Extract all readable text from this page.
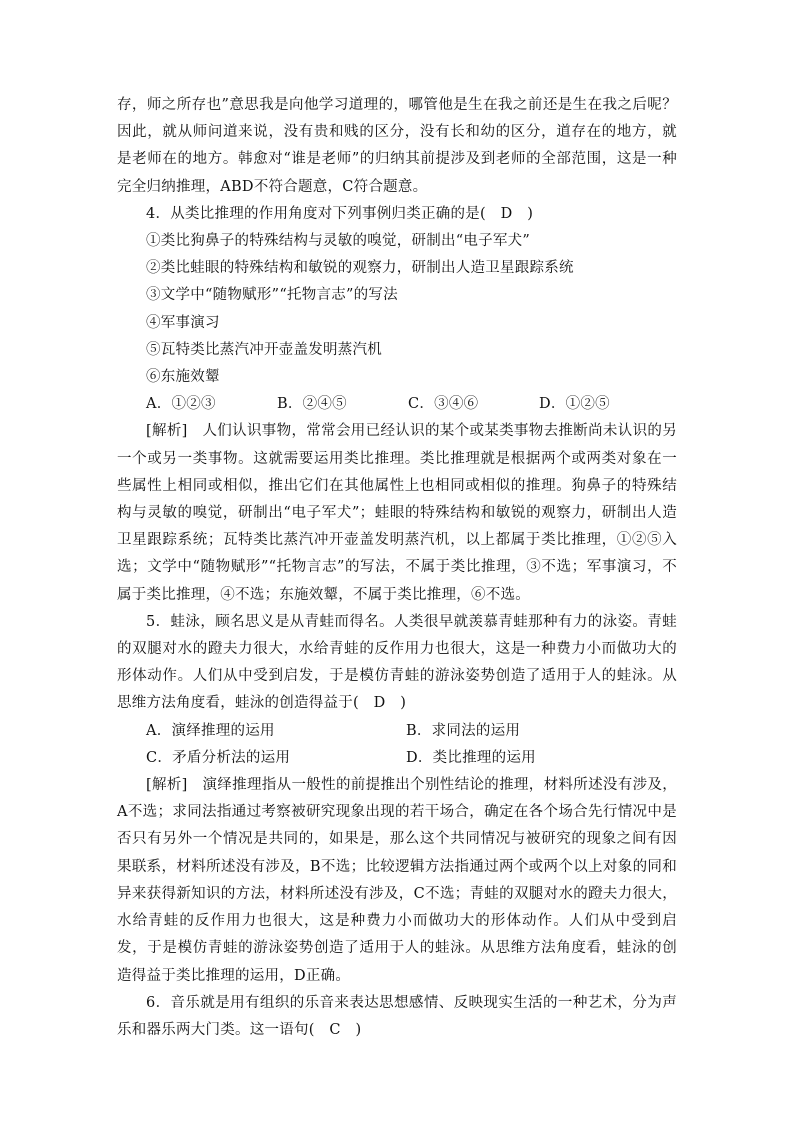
存，师之所存也”意思我是向他学习道理的，哪管他是生在我之前还是生在我之后呢？因此，就从师问道来说，没有贵和贱的区分，没有长和幼的区分，道存在的地方，就是老师在的地方。韩愈对“谁是老师”的归纳其前提涉及到老师的全部范围，这是一种完全归纳推理，ABD不符合题意，C符合题意。

4．从类比推理的作用角度对下列事例归类正确的是(　D　)

①类比狗鼻子的特殊结构与灵敏的嗅觉，研制出“电子军犬”

②类比蛙眼的特殊结构和敏锐的观察力，研制出人造卫星跟踪系统

③文学中“随物赋形”“托物言志”的写法

④军事演习

⑤瓦特类比蒸汽冲开壶盖发明蒸汽机

⑥东施效颦

A．①②③	B．②④⑤	C．③④⑥	D．①②⑤

[解析]　人们认识事物，常常会用已经认识的某个或某类事物去推断尚未认识的另一个或另一类事物。这就需要运用类比推理。类比推理就是根据两个或两类对象在一些属性上相同或相似，推出它们在其他属性上也相同或相似的推理。狗鼻子的特殊结构与灵敏的嗅觉，研制出“电子军犬”；蛙眼的特殊结构和敏锐的观察力，研制出人造卫星跟踪系统；瓦特类比蒸汽冲开壶盖发明蒸汽机，以上都属于类比推理，①②⑤入选；文学中“随物赋形”“托物言志”的写法，不属于类比推理，③不选；军事演习，不属于类比推理，④不选；东施效颦，不属于类比推理，⑥不选。

5．蛙泳，顾名思义是从青蛙而得名。人类很早就羡慕青蛙那种有力的泳姿。青蛙的双腿对水的蹬夫力很大，水给青蛙的反作用力也很大，这是一种费力小而做功大的形体动作。人们从中受到启发，于是模仿青蛙的游泳姿势创造了适用于人的蛙泳。从思维方法角度看，蛙泳的创造得益于(　D　)

A．演绎推理的运用	B．求同法的运用
C．矛盾分析法的运用	D．类比推理的运用

[解析]　演绎推理指从一般性的前提推出个别性结论的推理，材料所述没有涉及，A不选；求同法指通过考察被研究现象出现的若干场合，确定在各个场合先行情况中是否只有另外一个情况是共同的，如果是，那么这个共同情况与被研究的现象之间有因果联系，材料所述没有涉及，B不选；比较逻辑方法指通过两个或两个以上对象的同和异来获得新知识的方法，材料所述没有涉及，C不选；青蛙的双腿对水的蹬夫力很大，水给青蛙的反作用力也很大，这是种费力小而做功大的形体动作。人们从中受到启发，于是模仿青蛙的游泳姿势创造了适用于人的蛙泳。从思维方法角度看，蛙泳的创造得益于类比推理的运用，D正确。

6．音乐就是用有组织的乐音来表达思想感情、反映现实生活的一种艺术，分为声乐和器乐两大门类。这一语句(　C　)
